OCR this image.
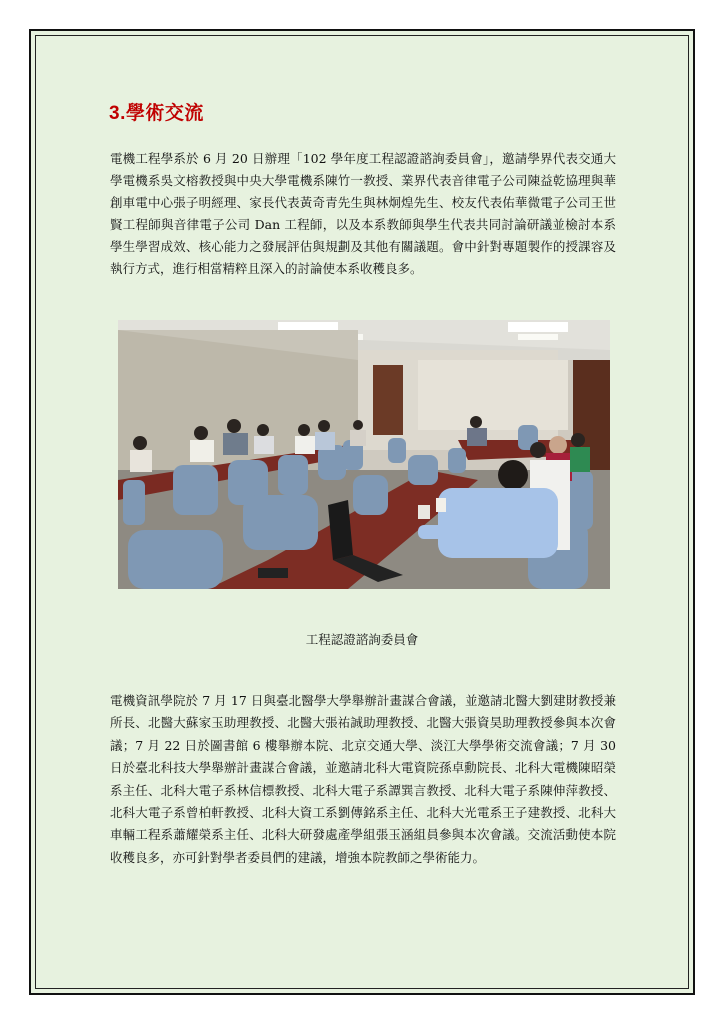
3.學術交流

電機工程學系於 6 月 20 日辦理「102 學年度工程認證諮詢委員會」，邀請學界代表交通大學電機系吳文榕教授與中央大學電機系陳竹一教授、業界代表音律電子公司陳益乾協理與華創車電中心張子明經理、家長代表黃奇青先生與林炯煌先生、校友代表佑華微電子公司王世賢工程師與音律電子公司 Dan 工程師，以及本系教師與學生代表共同討論研議並檢討本系學生學習成效、核心能力之發展評估與規劃及其他有關議題。會中針對專題製作的授課容及執行方式，進行相當精粹且深入的討論使本系收穫良多。

工程認證諮詢委員會

電機資訊學院於 7 月 17 日與臺北醫學大學舉辦計畫謀合會議，並邀請北醫大劉建財教授兼所長、北醫大蘇家玉助理教授、北醫大張祐誠助理教授、北醫大張資昊助理教授參與本次會議；7 月 22 日於圖書館 6 樓舉辦本院、北京交通大學、淡江大學學術交流會議；7 月 30 日於臺北科技大學舉辦計畫謀合會議，並邀請北科大電資院孫卓勳院長、北科大電機陳昭榮系主任、北科大電子系林信標教授、北科大電子系譚巽言教授、北科大電子系陳伸萍教授、北科大電子系曾柏軒教授、北科大資工系劉傳銘系主任、北科大光電系王子建教授、北科大車輛工程系蕭耀榮系主任、北科大研發處產學組張玉涵組員參與本次會議。交流活動使本院收穫良多，亦可針對學者委員們的建議，增強本院教師之學術能力。
